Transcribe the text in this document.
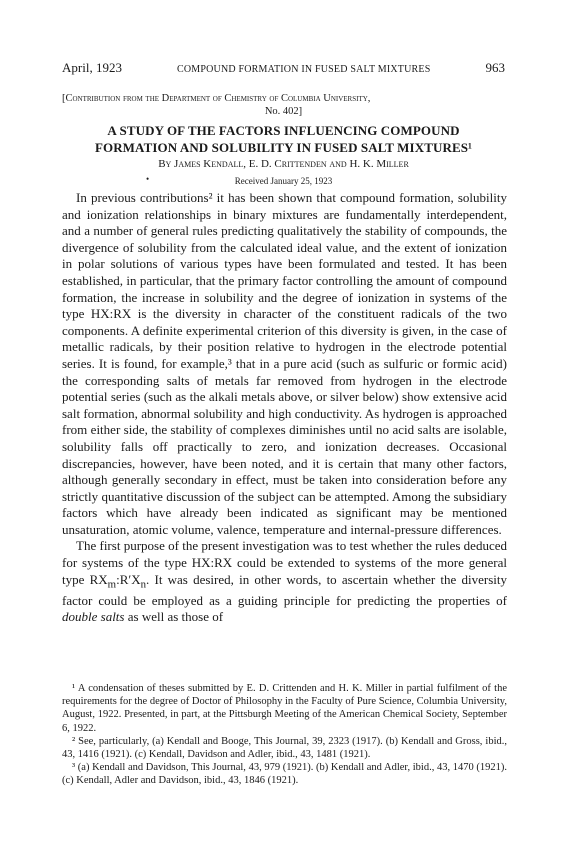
April, 1923	COMPOUND FORMATION IN FUSED SALT MIXTURES	963
[Contribution from the Department of Chemistry of Columbia University,
No. 402]
A STUDY OF THE FACTORS INFLUENCING COMPOUND
FORMATION AND SOLUBILITY IN FUSED SALT MIXTURES¹
By James Kendall, E. D. Crittenden and H. K. Miller
•	Received January 25, 1923

In previous contributions² it has been shown that compound formation, solubility and ionization relationships in binary mixtures are fundamentally interdependent, and a number of general rules predicting qualitatively the stability of compounds, the divergence of solubility from the calculated ideal value, and the extent of ionization in polar solutions of various types have been formulated and tested. It has been established, in particular, that the primary factor controlling the amount of compound formation, the increase in solubility and the degree of ionization in systems of the type HX:RX is the diversity in character of the constituent radicals of the two components. A definite experimental criterion of this diversity is given, in the case of metallic radicals, by their position relative to hydrogen in the electrode potential series. It is found, for example,³ that in a pure acid (such as sulfuric or formic acid) the corresponding salts of metals far removed from hydrogen in the electrode potential series (such as the alkali metals above, or silver below) show extensive acid salt formation, abnormal solubility and high conductivity. As hydrogen is approached from either side, the stability of complexes diminishes until no acid salts are isolable, solubility falls off practically to zero, and ionization decreases. Occasional discrepancies, however, have been noted, and it is certain that many other factors, although generally secondary in effect, must be taken into consideration before any strictly quantitative discussion of the subject can be attempted. Among the subsidiary factors which have already been indicated as significant may be mentioned unsaturation, atomic volume, valence, temperature and internal-pressure differences.

The first purpose of the present investigation was to test whether the rules deduced for systems of the type HX:RX could be extended to systems of the more general type $RX_m:R'X_n$. It was desired, in other words, to ascertain whether the diversity factor could be employed as a guiding principle for predicting the properties of double salts as well as those of

¹ A condensation of theses submitted by E. D. Crittenden and H. K. Miller in partial fulfilment of the requirements for the degree of Doctor of Philosophy in the Faculty of Pure Science, Columbia University, August, 1922. Presented, in part, at the Pittsburgh Meeting of the American Chemical Society, September 6, 1922.

² See, particularly, (a) Kendall and Booge, This Journal, 39, 2323 (1917). (b) Kendall and Gross, ibid., 43, 1416 (1921). (c) Kendall, Davidson and Adler, ibid., 43, 1481 (1921).

³ (a) Kendall and Davidson, This Journal, 43, 979 (1921). (b) Kendall and Adler, ibid., 43, 1470 (1921). (c) Kendall, Adler and Davidson, ibid., 43, 1846 (1921).
